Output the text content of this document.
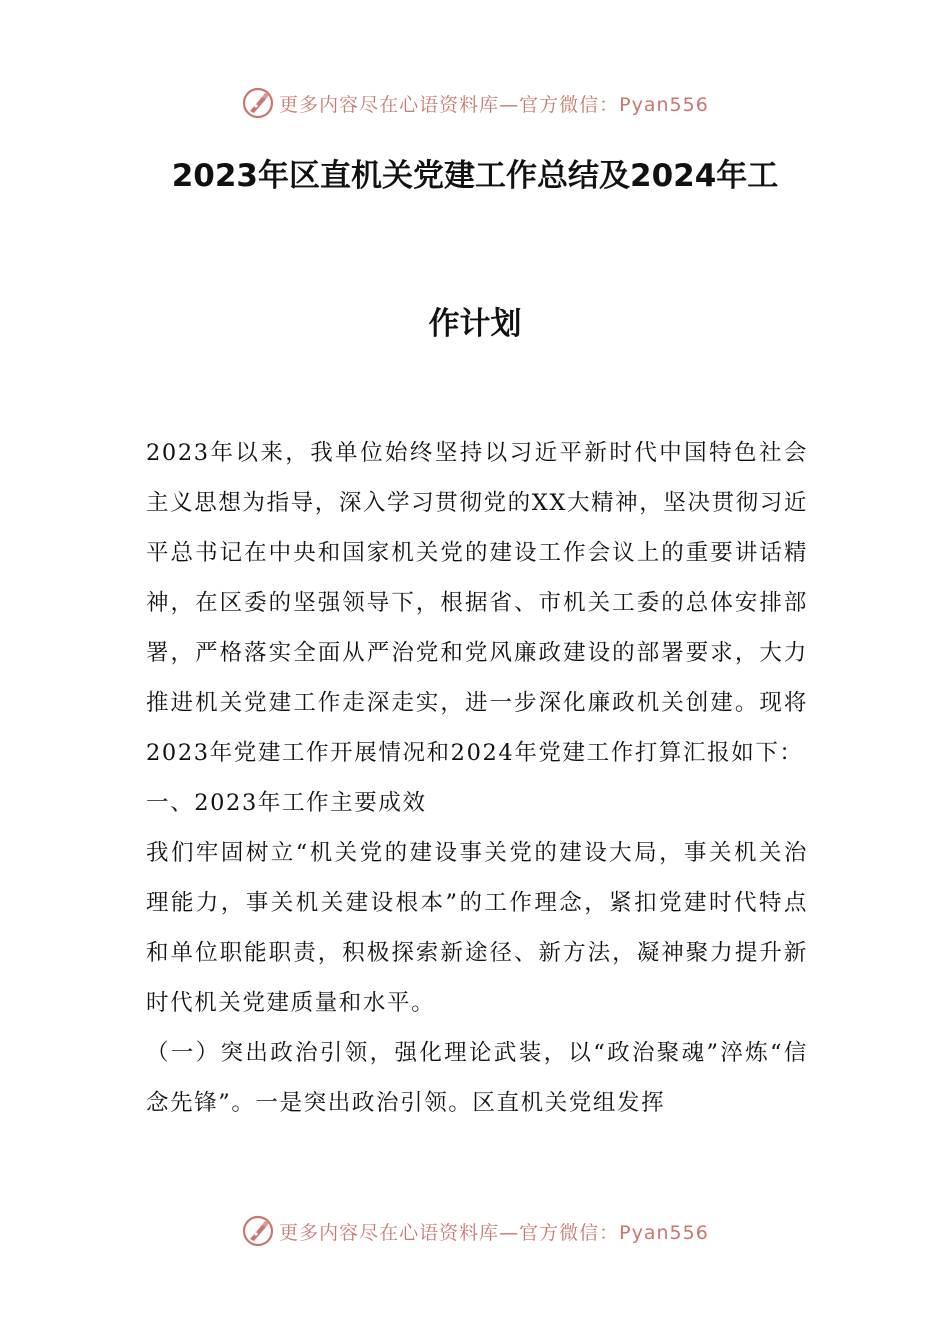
更多内容尽在心语资料库—官方微信：Pyan556
2023年区直机关党建工作总结及2024年工
作计划

2023年以来，我单位始终坚持以习近平新时代中国特色社会主义思想为指导，深入学习贯彻党的XX大精神，坚决贯彻习近平总书记在中央和国家机关党的建设工作会议上的重要讲话精神，在区委的坚强领导下，根据省、市机关工委的总体安排部署，严格落实全面从严治党和党风廉政建设的部署要求，大力推进机关党建工作走深走实，进一步深化廉政机关创建。现将2023年党建工作开展情况和2024年党建工作打算汇报如下：

一、2023年工作主要成效

我们牢固树立“机关党的建设事关党的建设大局，事关机关治理能力，事关机关建设根本”的工作理念，紧扣党建时代特点和单位职能职责，积极探索新途径、新方法，凝神聚力提升新时代机关党建质量和水平。

（一）突出政治引领，强化理论武装，以“政治聚魂”淬炼“信念先锋”。一是突出政治引领。区直机关党组发挥

更多内容尽在心语资料库—官方微信：Pyan556
